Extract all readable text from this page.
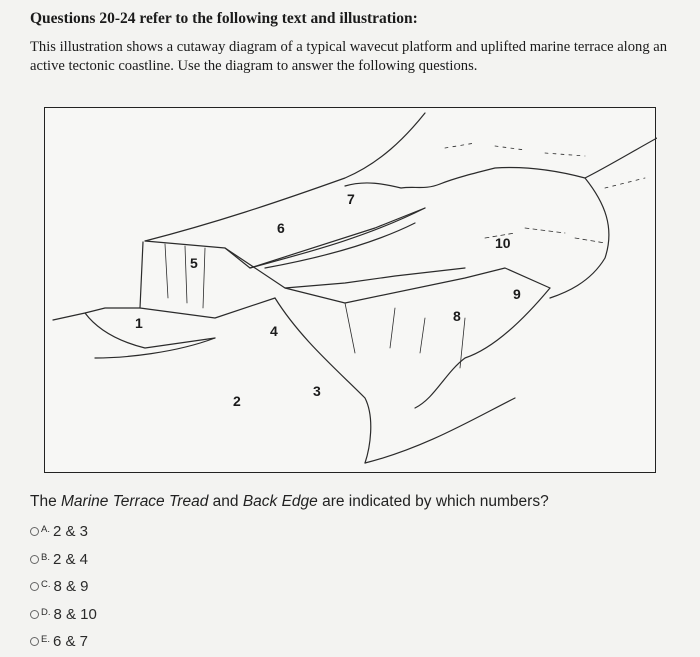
Questions 20-24 refer to the following text and illustration:
This illustration shows a cutaway diagram of a typical wavecut platform and uplifted marine terrace along an active tectonic coastline. Use the diagram to answer the following questions.
1
2
3
4
5
6
7
8
9
10
The Marine Terrace Tread and Back Edge are indicated by which numbers?
A. 2 & 3
B. 2 & 4
C. 8 & 9
D. 8 & 10
E. 6 & 7
